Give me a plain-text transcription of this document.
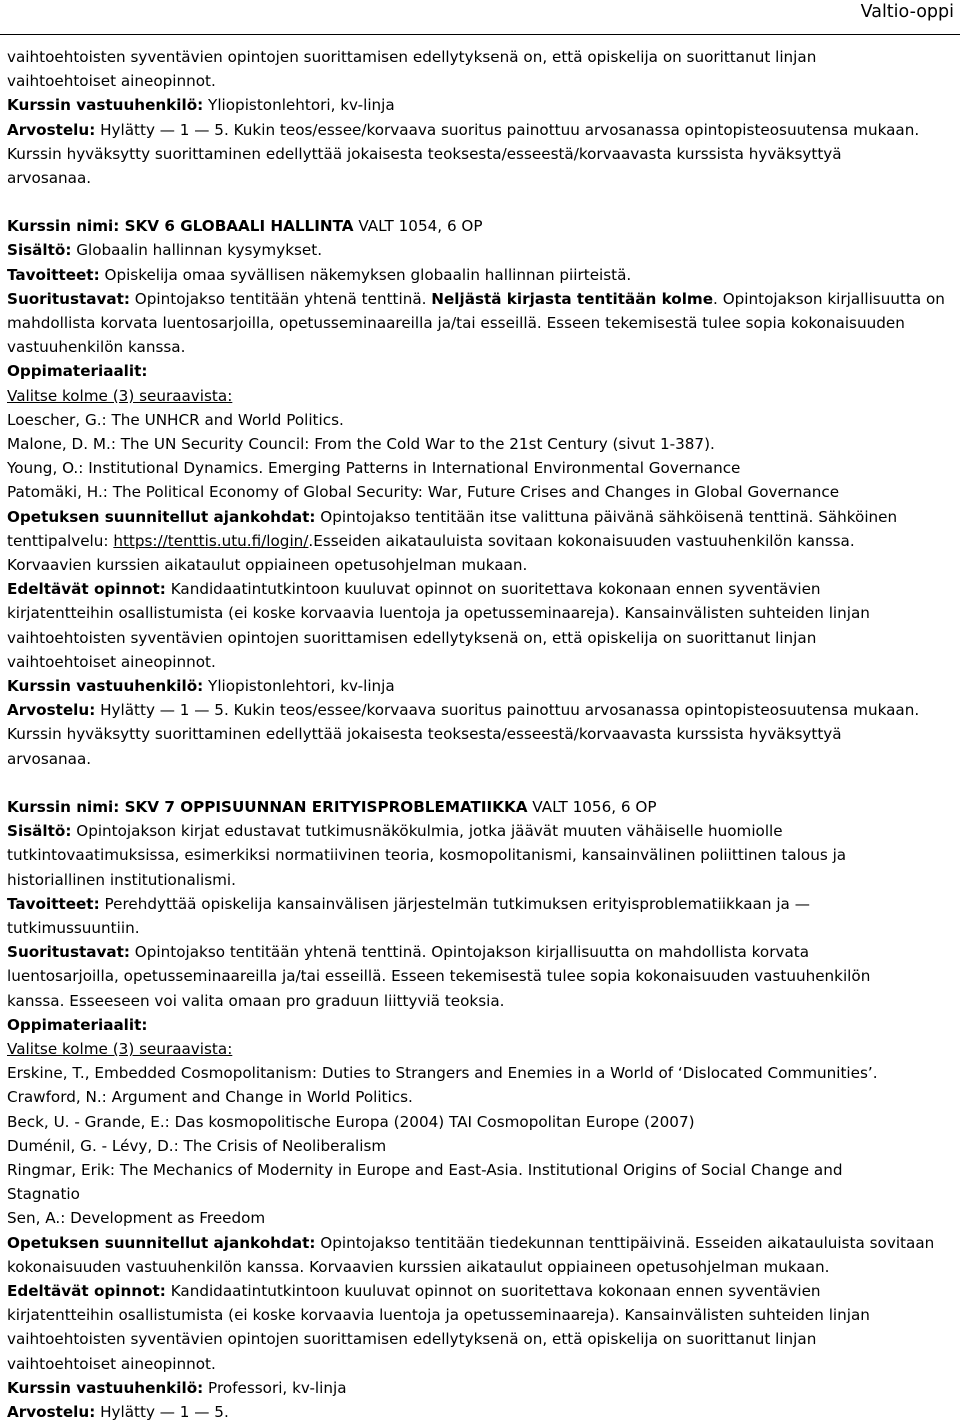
Valtio-oppi
vaihtoehtoisten syventävien opintojen suorittamisen edellytyksenä on, että opiskelija on suorittanut linjan
vaihtoehtoiset aineopinnot.
Kurssin vastuuhenkilö: Yliopistonlehtori, kv-linja
Arvostelu: Hylätty — 1 — 5. Kukin teos/essee/korvaava suoritus painottuu arvosanassa opintopisteosuutensa mukaan.
Kurssin hyväksytty suorittaminen edellyttää jokaisesta teoksesta/esseestä/korvaavasta kurssista hyväksyttyä
arvosanaa.
Kurssin nimi: SKV 6 GLOBAALI HALLINTA VALT 1054, 6 OP
Sisältö: Globaalin hallinnan kysymykset.
Tavoitteet: Opiskelija omaa syvällisen näkemyksen globaalin hallinnan piirteistä.
Suoritustavat: Opintojakso tentitään yhtenä tenttinä. Neljästä kirjasta tentitään kolme. Opintojakson kirjallisuutta on
mahdollista korvata luentosarjoilla, opetusseminaareilla ja/tai esseillä. Esseen tekemisestä tulee sopia kokonaisuuden
vastuuhenkilön kanssa.
Oppimateriaalit:
Valitse kolme (3) seuraavista:
Loescher, G.: The UNHCR and World Politics.
Malone, D. M.: The UN Security Council: From the Cold War to the 21st Century (sivut 1-387).
Young, O.: Institutional Dynamics. Emerging Patterns in International Environmental Governance
Patomäki, H.: The Political Economy of Global Security: War, Future Crises and Changes in Global Governance
Opetuksen suunnitellut ajankohdat: Opintojakso tentitään itse valittuna päivänä sähköisenä tenttinä. Sähköinen
tenttipalvelu: https://tenttis.utu.fi/login/.Esseiden aikatauluista sovitaan kokonaisuuden vastuuhenkilön kanssa.
Korvaavien kurssien aikataulut oppiaineen opetusohjelman mukaan.
Edeltävät opinnot: Kandidaatintutkintoon kuuluvat opinnot on suoritettava kokonaan ennen syventävien
kirjatentteihin osallistumista (ei koske korvaavia luentoja ja opetusseminaareja). Kansainvälisten suhteiden linjan
vaihtoehtoisten syventävien opintojen suorittamisen edellytyksenä on, että opiskelija on suorittanut linjan
vaihtoehtoiset aineopinnot.
Kurssin vastuuhenkilö: Yliopistonlehtori, kv-linja
Arvostelu: Hylätty — 1 — 5. Kukin teos/essee/korvaava suoritus painottuu arvosanassa opintopisteosuutensa mukaan.
Kurssin hyväksytty suorittaminen edellyttää jokaisesta teoksesta/esseestä/korvaavasta kurssista hyväksyttyä
arvosanaa.
Kurssin nimi: SKV 7 OPPISUUNNAN ERITYISPROBLEMATIIKKA VALT 1056, 6 OP
Sisältö: Opintojakson kirjat edustavat tutkimusnäkökulmia, jotka jäävät muuten vähäiselle huomiolle
tutkintovaatimuksissa, esimerkiksi normatiivinen teoria, kosmopolitanismi, kansainvälinen poliittinen talous ja
historiallinen institutionalismi.
Tavoitteet: Perehdyttää opiskelija kansainvälisen järjestelmän tutkimuksen erityisproblematiikkaan ja —
tutkimussuuntiin.
Suoritustavat: Opintojakso tentitään yhtenä tenttinä. Opintojakson kirjallisuutta on mahdollista korvata
luentosarjoilla, opetusseminaareilla ja/tai esseillä. Esseen tekemisestä tulee sopia kokonaisuuden vastuuhenkilön
kanssa. Esseeseen voi valita omaan pro graduun liittyviä teoksia.
Oppimateriaalit:
Valitse kolme (3) seuraavista:
Erskine, T., Embedded Cosmopolitanism: Duties to Strangers and Enemies in a World of ‘Dislocated Communities’.
Crawford, N.: Argument and Change in World Politics.
Beck, U. - Grande, E.: Das kosmopolitische Europa (2004) TAI Cosmopolitan Europe (2007)
Duménil, G. - Lévy, D.: The Crisis of Neoliberalism
Ringmar, Erik: The Mechanics of Modernity in Europe and East-Asia. Institutional Origins of Social Change and
Stagnatio
Sen, A.: Development as Freedom
Opetuksen suunnitellut ajankohdat: Opintojakso tentitään tiedekunnan tenttipäivinä. Esseiden aikatauluista sovitaan
kokonaisuuden vastuuhenkilön kanssa. Korvaavien kurssien aikataulut oppiaineen opetusohjelman mukaan.
Edeltävät opinnot: Kandidaatintutkintoon kuuluvat opinnot on suoritettava kokonaan ennen syventävien
kirjatentteihin osallistumista (ei koske korvaavia luentoja ja opetusseminaareja). Kansainvälisten suhteiden linjan
vaihtoehtoisten syventävien opintojen suorittamisen edellytyksenä on, että opiskelija on suorittanut linjan
vaihtoehtoiset aineopinnot.
Kurssin vastuuhenkilö: Professori, kv-linja
Arvostelu: Hylätty — 1 — 5.
